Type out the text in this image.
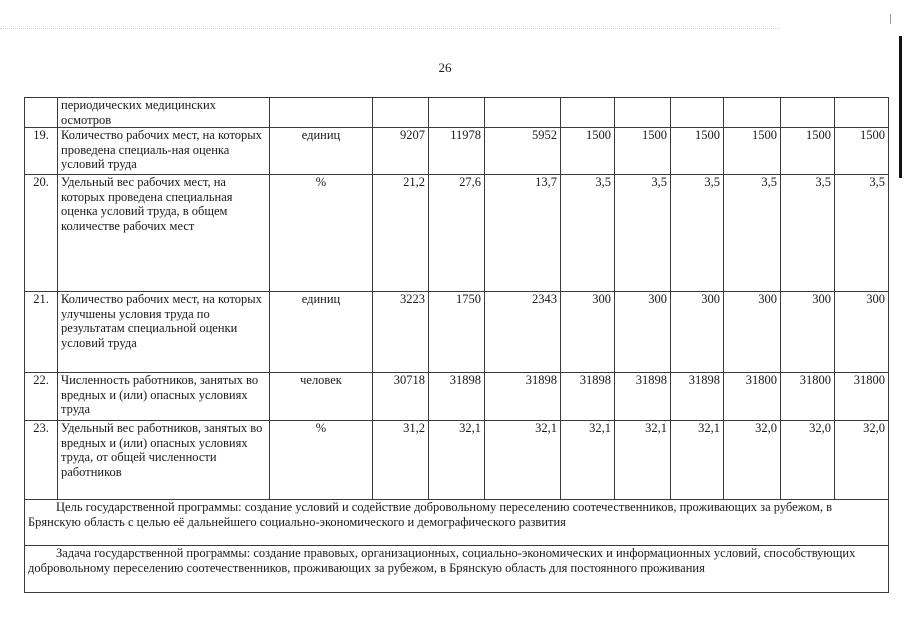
26
	периодических медицинских осмотров										
19.	Количество рабочих мест, на которых проведена специаль-ная оценка условий труда	единиц	9207	11978	5952	1500	1500	1500	1500	1500	1500
20.	Удельный вес рабочих мест, на которых проведена специальная оценка условий труда, в общем количестве рабочих мест	%	21,2	27,6	13,7	3,5	3,5	3,5	3,5	3,5	3,5
21.	Количество рабочих мест, на которых улучшены условия труда по результатам специальной оценки условий труда	единиц	3223	1750	2343	300	300	300	300	300	300
22.	Численность работников, занятых во вредных и (или) опасных условиях труда	человек	30718	31898	31898	31898	31898	31898	31800	31800	31800
23.	Удельный вес работников, занятых во вредных и (или) опасных условиях труда, от общей численности работников	%	31,2	32,1	32,1	32,1	32,1	32,1	32,0	32,0	32,0
Цель государственной программы: создание условий и содействие добровольному переселению соотечественников, проживающих за рубежом, в Брянскую область с целью её дальнейшего социально-экономического и демографического развития											
Задача государственной программы: создание правовых, организационных, социально-экономических и информационных условий, способствующих добровольному переселению соотечественников, проживающих за рубежом, в Брянскую область для постоянного проживания											
